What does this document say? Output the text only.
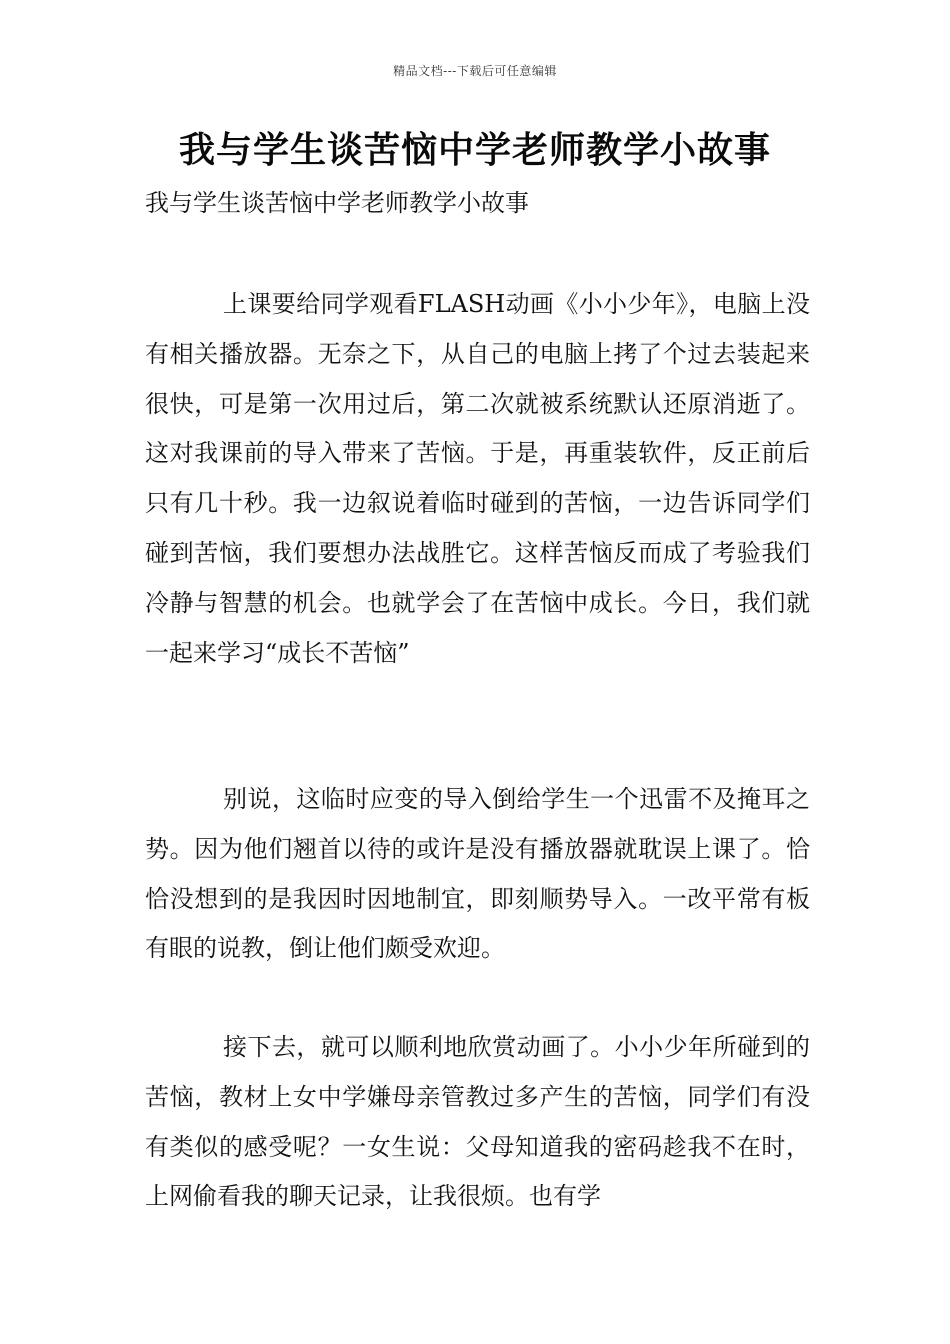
精品文档---下载后可任意编辑
我与学生谈苦恼中学老师教学小故事
我与学生谈苦恼中学老师教学小故事

上课要给同学观看FLASH动画《小小少年》，电脑上没有相关播放器。无奈之下，从自己的电脑上拷了个过去装起来很快，可是第一次用过后，第二次就被系统默认还原消逝了。这对我课前的导入带来了苦恼。于是，再重装软件，反正前后只有几十秒。我一边叙说着临时碰到的苦恼，一边告诉同学们碰到苦恼，我们要想办法战胜它。这样苦恼反而成了考验我们冷静与智慧的机会。也就学会了在苦恼中成长。今日，我们就一起来学习“成长不苦恼”

别说，这临时应变的导入倒给学生一个迅雷不及掩耳之势。因为他们翘首以待的或许是没有播放器就耽误上课了。恰恰没想到的是我因时因地制宜，即刻顺势导入。一改平常有板有眼的说教，倒让他们颇受欢迎。

接下去，就可以顺利地欣赏动画了。小小少年所碰到的苦恼，教材上女中学嫌母亲管教过多产生的苦恼，同学们有没有类似的感受呢？一女生说：父母知道我的密码趁我不在时，上网偷看我的聊天记录，让我很烦。也有学
